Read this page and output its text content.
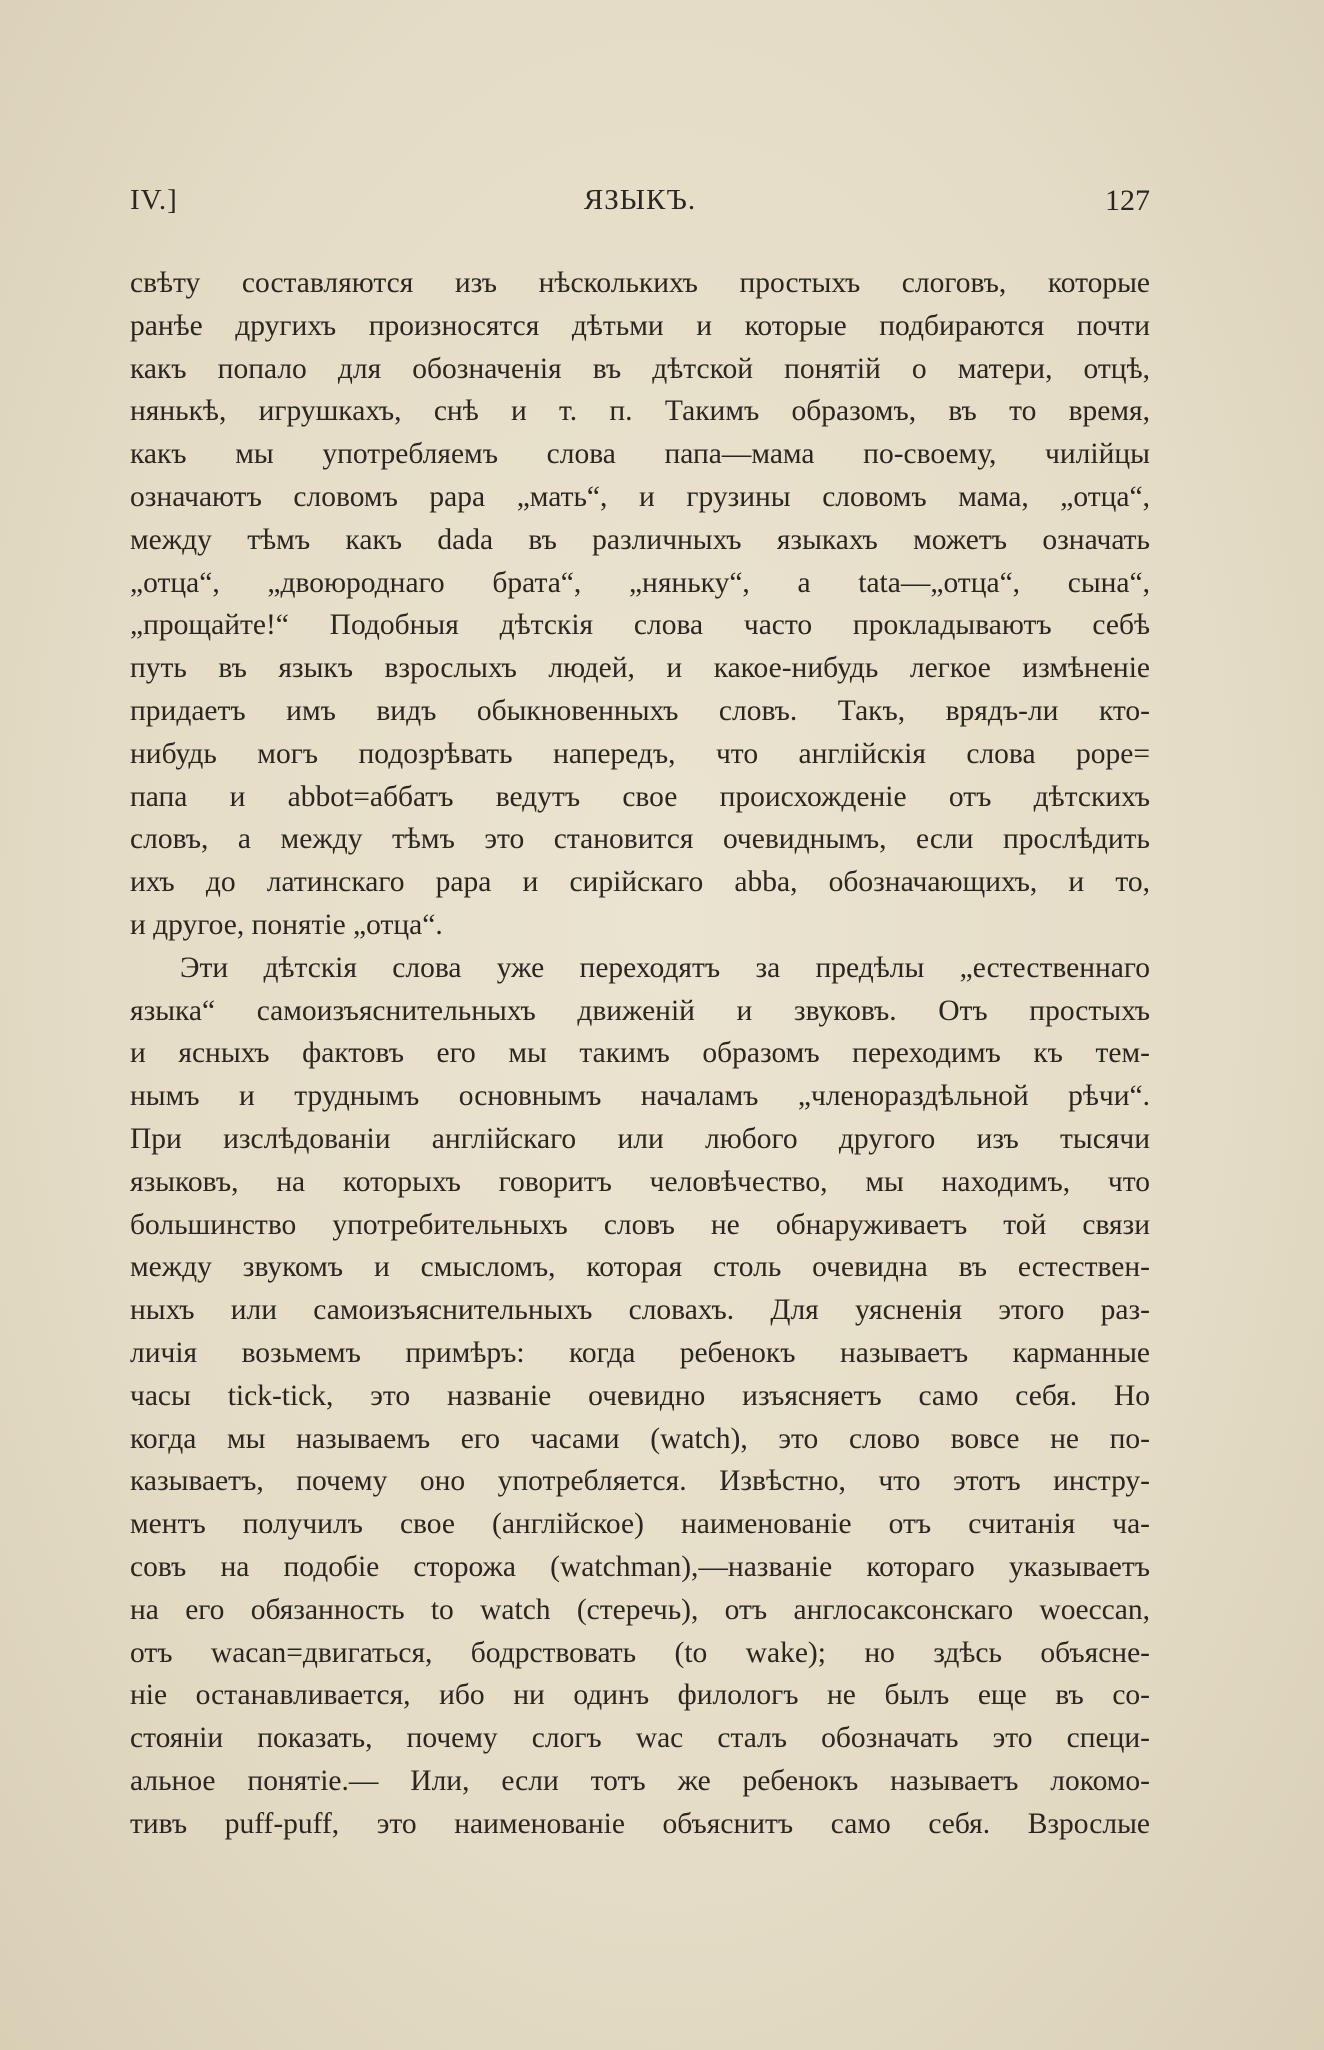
IV.]	ЯЗЫКЪ.	127
свѣту составляются изъ нѣсколькихъ простыхъ слоговъ, которые
ранѣе другихъ произносятся дѣтьми и которые подбираются почти
какъ попало для обозначенія въ дѣтской понятій о матери, отцѣ,
нянькѣ, игрушкахъ, снѣ и т. п. Такимъ образомъ, въ то время,
какъ мы употребляемъ слова папа—мама по-своему, чилійцы
означаютъ словомъ papa „мать“, и грузины словомъ мама, „отца“,
между тѣмъ какъ dada въ различныхъ языкахъ можетъ означать
„отца“, „двоюроднаго брата“, „няньку“, а tata—„отца“, сына“,
„прощайте!“ Подобныя дѣтскія слова часто прокладываютъ себѣ
путь въ языкъ взрослыхъ людей, и какое-нибудь легкое измѣненіе
придаетъ имъ видъ обыкновенныхъ словъ. Такъ, врядъ-ли кто-
нибудь могъ подозрѣвать напередъ, что англійскія слова pope=
папа и abbot=аббатъ ведутъ свое происхожденіе отъ дѣтскихъ
словъ, а между тѣмъ это становится очевиднымъ, если прослѣдить
ихъ до латинскаго papa и сирійскаго abba, обозначающихъ, и то,
и другое, понятіе „отца“.
Эти дѣтскія слова уже переходятъ за предѣлы „естественнаго
языка“ самоизъяснительныхъ движеній и звуковъ. Отъ простыхъ
и ясныхъ фактовъ его мы такимъ образомъ переходимъ къ тем-
нымъ и труднымъ основнымъ началамъ „членораздѣльной рѣчи“.
При изслѣдованіи англійскаго или любого другого изъ тысячи
языковъ, на которыхъ говоритъ человѣчество, мы находимъ, что
большинство употребительныхъ словъ не обнаруживаетъ той связи
между звукомъ и смысломъ, которая столь очевидна въ естествен-
ныхъ или самоизъяснительныхъ словахъ. Для уясненія этого раз-
личія возьмемъ примѣръ: когда ребенокъ называетъ карманные
часы tick-tick, это названіе очевидно изъясняетъ само себя. Но
когда мы называемъ его часами (watch), это слово вовсе не по-
казываетъ, почему оно употребляется. Извѣстно, что этотъ инстру-
ментъ получилъ свое (англійское) наименованіе отъ считанія ча-
совъ на подобіе сторожа (watchman),—названіе котораго указываетъ
на его обязанность to watch (стеречь), отъ англосаксонскаго woeccan,
отъ wacan=двигаться, бодрствовать (to wake); но здѣсь объясне-
ніе останавливается, ибо ни одинъ филологъ не былъ еще въ со-
стояніи показать, почему слогъ wac сталъ обозначать это специ-
альное понятіе.— Или, если тотъ же ребенокъ называетъ локомо-
тивъ puff-puff, это наименованіе объяснитъ само себя. Взрослые
